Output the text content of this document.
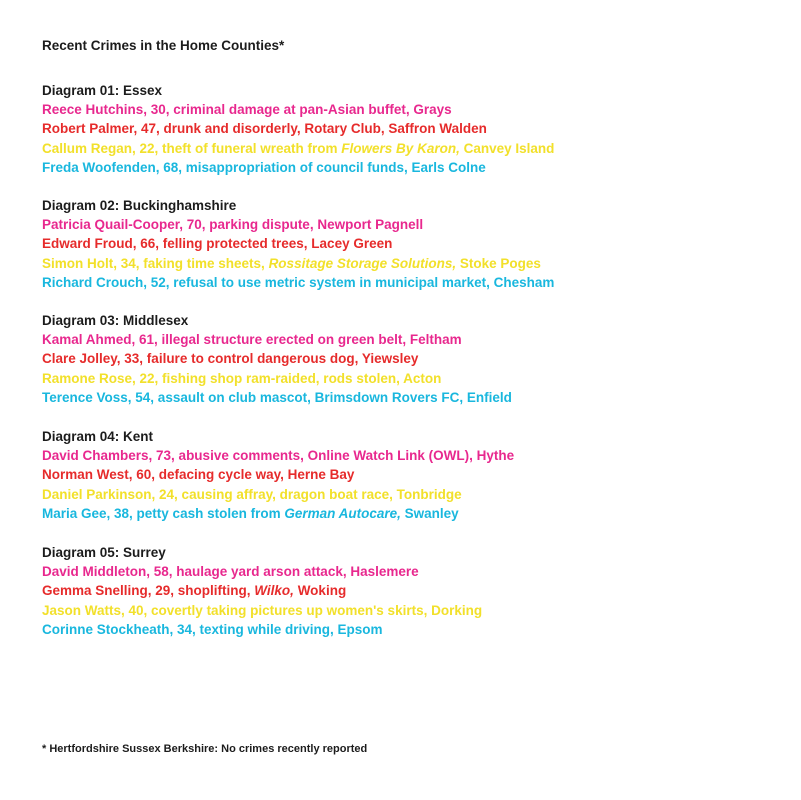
Recent Crimes in the Home Counties*
Diagram 01: Essex
Reece Hutchins, 30, criminal damage at pan-Asian buffet, Grays
Robert Palmer, 47, drunk and disorderly, Rotary Club, Saffron Walden
Callum Regan, 22, theft of funeral wreath from Flowers By Karon, Canvey Island
Freda Woofenden, 68, misappropriation of council funds, Earls Colne
Diagram 02: Buckinghamshire
Patricia Quail-Cooper, 70, parking dispute, Newport Pagnell
Edward Froud, 66, felling protected trees, Lacey Green
Simon Holt, 34, faking time sheets, Rossitage Storage Solutions, Stoke Poges
Richard Crouch, 52, refusal to use metric system in municipal market, Chesham
Diagram 03: Middlesex
Kamal Ahmed, 61, illegal structure erected on green belt, Feltham
Clare Jolley, 33, failure to control dangerous dog, Yiewsley
Ramone Rose, 22, fishing shop ram-raided, rods stolen, Acton
Terence Voss, 54, assault on club mascot, Brimsdown Rovers FC, Enfield
Diagram 04: Kent
David Chambers, 73, abusive comments, Online Watch Link (OWL), Hythe
Norman West, 60, defacing cycle way, Herne Bay
Daniel Parkinson, 24, causing affray, dragon boat race, Tonbridge
Maria Gee, 38, petty cash stolen from German Autocare, Swanley
Diagram 05: Surrey
David Middleton, 58, haulage yard arson attack, Haslemere
Gemma Snelling, 29, shoplifting, Wilko, Woking
Jason Watts, 40, covertly taking pictures up women's skirts, Dorking
Corinne Stockheath, 34, texting while driving, Epsom
* Hertfordshire Sussex Berkshire: No crimes recently reported
